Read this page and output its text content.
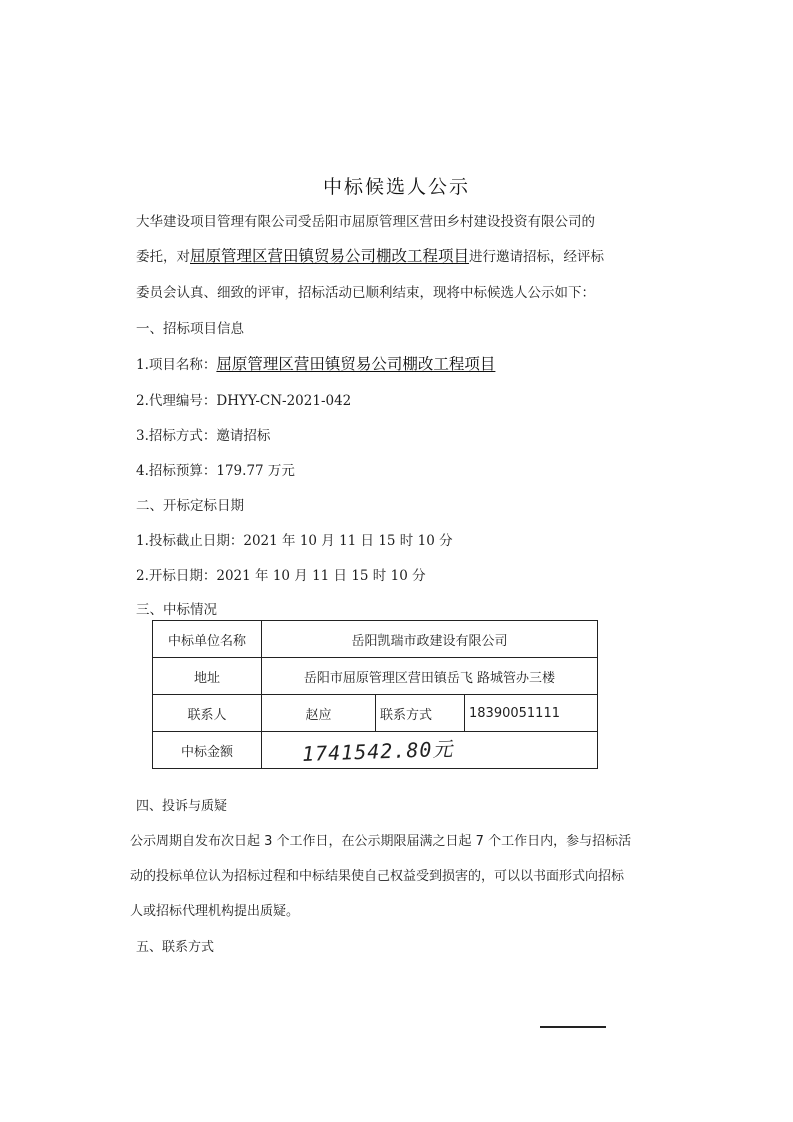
中标候选人公示
大华建设项目管理有限公司受岳阳市屈原管理区营田乡村建设投资有限公司的
委托，对屈原管理区营田镇贸易公司棚改工程项目进行邀请招标，经评标
委员会认真、细致的评审，招标活动已顺利结束，现将中标候选人公示如下：
一、招标项目信息
1.项目名称：屈原管理区营田镇贸易公司棚改工程项目
2.代理编号：DHYY-CN-2021-042
3.招标方式：邀请招标
4.招标预算：179.77 万元
二、开标定标日期
1.投标截止日期：2021 年 10 月 11 日 15 时 10 分
2.开标日期：2021 年 10 月 11 日 15 时 10 分
三、中标情况
中标单位名称	岳阳凯瑞市政建设有限公司		
地址	岳阳市屈原管理区营田镇岳飞 路城管办三楼		
联系人	赵应	联系方式	18390051111
中标金额	1741542.80元		
四、投诉与质疑
公示周期自发布次日起 3 个工作日，在公示期限届满之日起 7 个工作日内，参与招标活
动的投标单位认为招标过程和中标结果使自己权益受到损害的，可以以书面形式向招标
人或招标代理机构提出质疑。
五、联系方式
